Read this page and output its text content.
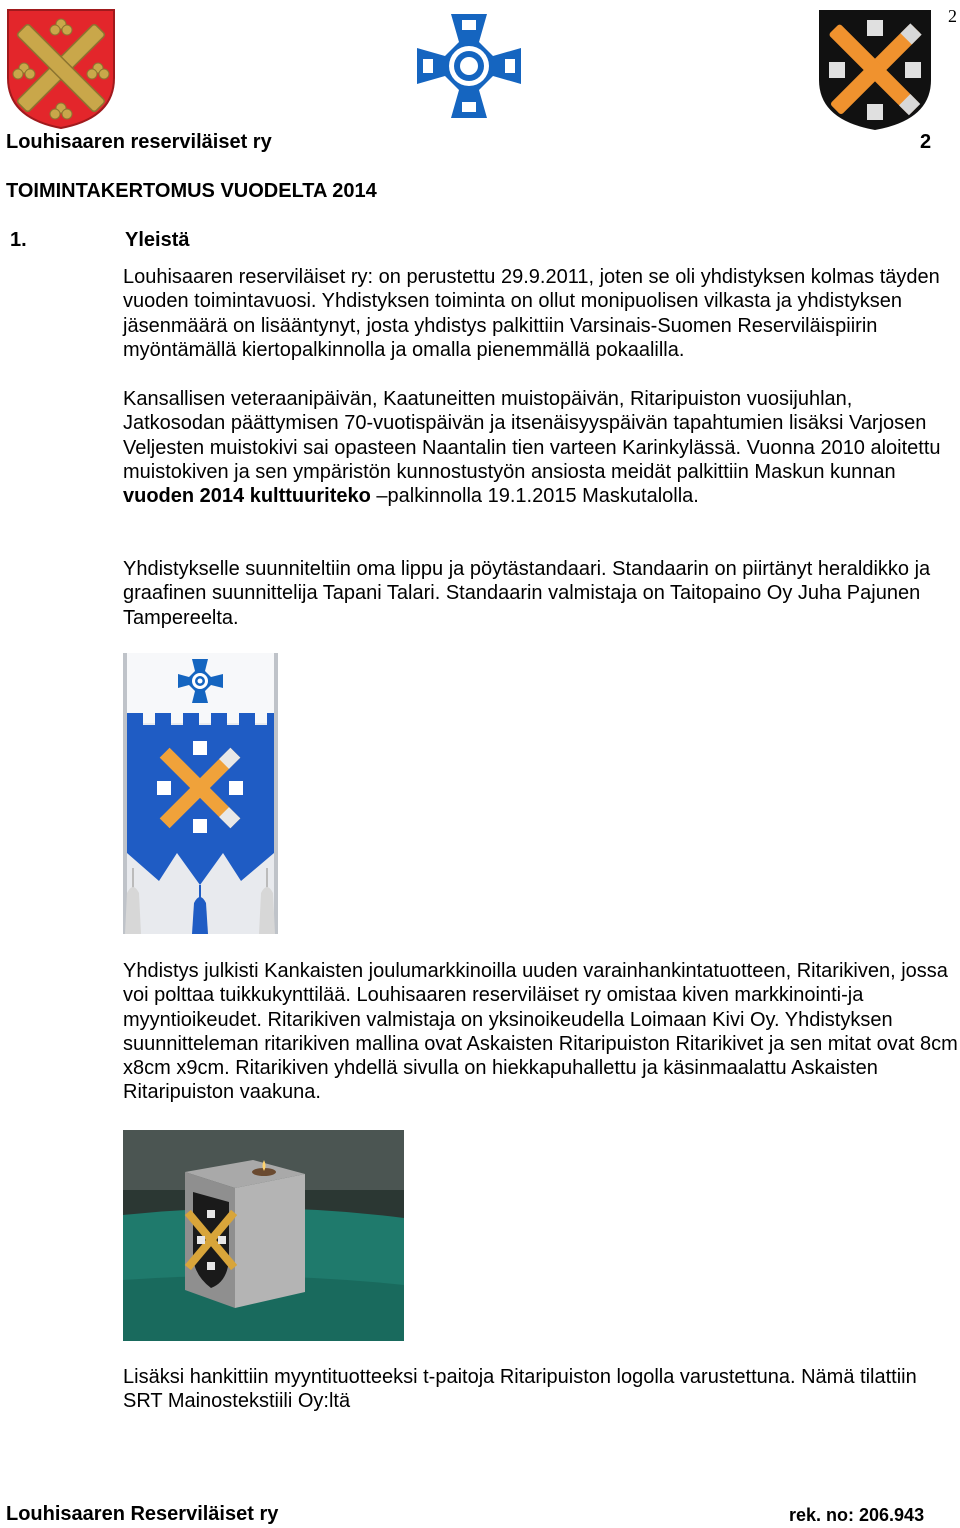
2
Louhisaaren reserviläiset ry	2
TOIMINTAKERTOMUS VUODELTA 2014
1.	Yleistä

Louhisaaren reserviläiset ry: on perustettu 29.9.2011, joten se oli yhdistyksen kolmas täyden vuoden toimintavuosi. Yhdistyksen toiminta on ollut monipuolisen vilkasta ja yhdistyksen jäsenmäärä on lisääntynyt, josta yhdistys palkittiin Varsinais-Suomen Reserviläispiirin myöntämällä kiertopalkinnolla ja omalla pienemmällä pokaalilla.

Kansallisen veteraanipäivän, Kaatuneitten muistopäivän, Ritaripuiston vuosijuhlan, Jatkosodan päättymisen 70-vuotispäivän ja itsenäisyyspäivän tapahtumien lisäksi Varjosen Veljesten muistokivi sai opasteen Naantalin tien varteen Karinkylässä. Vuonna 2010 aloitettu muistokiven ja sen ympäristön kunnostustyön ansiosta meidät palkittiin Maskun kunnan vuoden 2014 kulttuuriteko –palkinnolla 19.1.2015 Maskutalolla.

Yhdistykselle suunniteltiin oma lippu ja pöytästandaari. Standaarin on piirtänyt heraldikko ja graafinen suunnittelija Tapani Talari. Standaarin valmistaja on Taitopaino Oy Juha Pajunen Tampereelta.

Yhdistys julkisti Kankaisten joulumarkkinoilla uuden varainhankintatuotteen, Ritarikiven, jossa voi polttaa tuikkukynttilää. Louhisaaren reserviläiset ry omistaa kiven markkinointi-ja myyntioikeudet. Ritarikiven valmistaja on yksinoikeudella Loimaan Kivi Oy. Yhdistyksen suunnitteleman ritarikiven mallina ovat Askaisten Ritaripuiston Ritarikivet ja sen mitat ovat 8cm x8cm x9cm. Ritarikiven yhdellä sivulla on hiekkapuhallettu ja käsinmaalattu Askaisten Ritaripuiston vaakuna.

Lisäksi hankittiin myyntituotteeksi t-paitoja Ritaripuiston logolla varustettuna. Nämä tilattiin SRT Mainostekstiili Oy:ltä

Louhisaaren Reserviläiset ry	rek. no: 206.943
